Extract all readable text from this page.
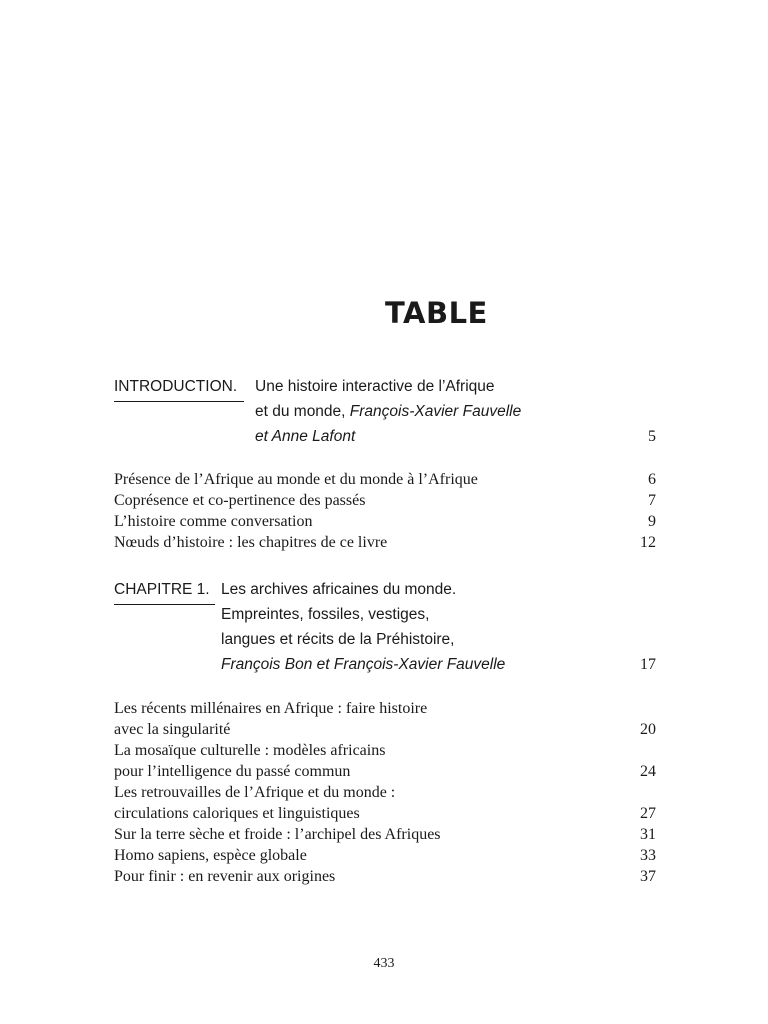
TABLE
INTRODUCTION. Une histoire interactive de l’Afrique
et du monde, François-Xavier Fauvelle
et Anne Lafont	5
Présence de l’Afrique au monde et du monde à l’Afrique	6
Coprésence et co-pertinence des passés	7
L’histoire comme conversation	9
Nœuds d’histoire : les chapitres de ce livre	12
CHAPITRE 1. Les archives africaines du monde.
Empreintes, fossiles, vestiges,
langues et récits de la Préhistoire,
François Bon et François-Xavier Fauvelle	17
Les récents millénaires en Afrique : faire histoire
avec la singularité	20
La mosaïque culturelle : modèles africains
pour l’intelligence du passé commun	24
Les retrouvailles de l’Afrique et du monde :
circulations caloriques et linguistiques	27
Sur la terre sèche et froide : l’archipel des Afriques	31
Homo sapiens, espèce globale	33
Pour finir : en revenir aux origines	37
433
